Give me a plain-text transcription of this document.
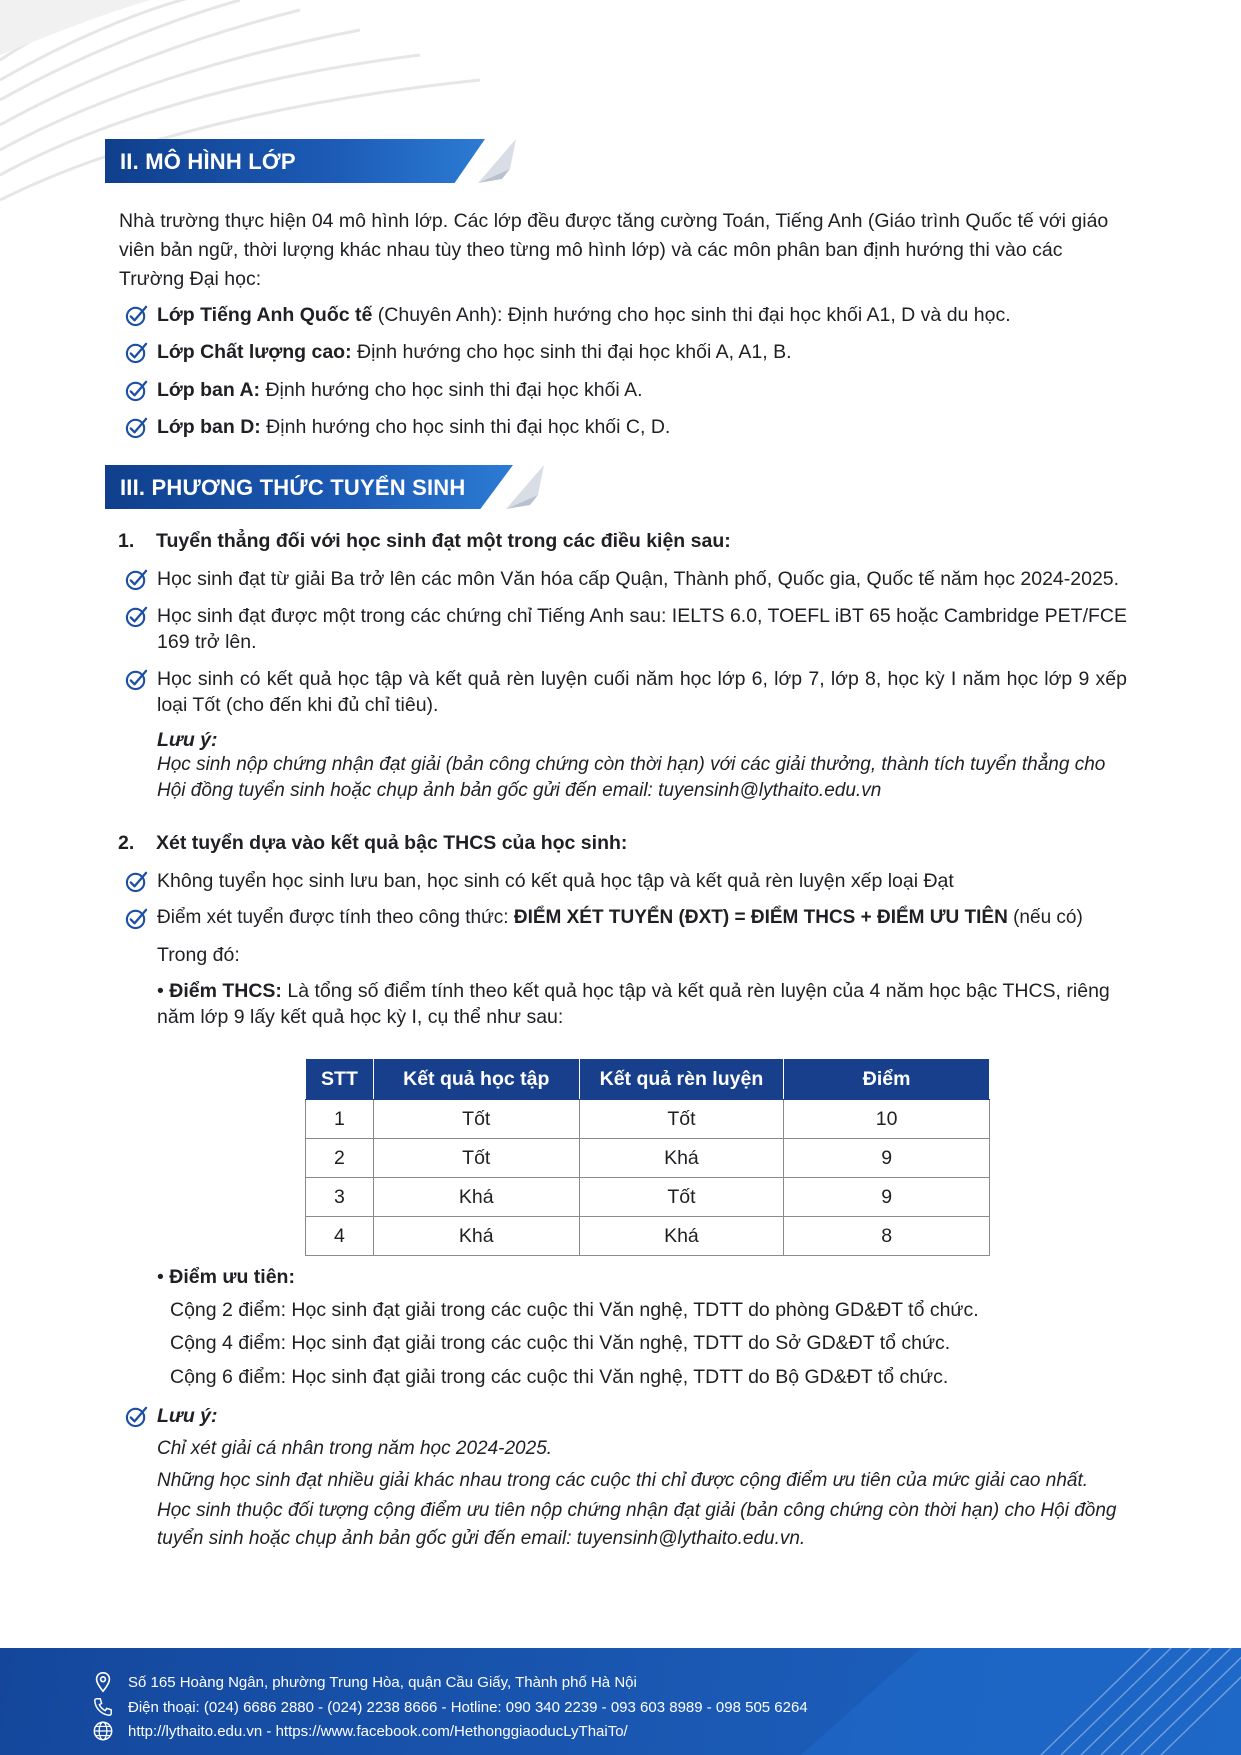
II. MÔ HÌNH LỚP
Nhà trường thực hiện 04 mô hình lớp. Các lớp đều được tăng cường Toán, Tiếng Anh (Giáo trình Quốc tế với giáo viên bản ngữ, thời lượng khác nhau tùy theo từng mô hình lớp) và các môn phân ban định hướng thi vào các Trường Đại học:
Lớp Tiếng Anh Quốc tế (Chuyên Anh): Định hướng cho học sinh thi đại học khối A1, D và du học.
Lớp Chất lượng cao: Định hướng cho học sinh thi đại học khối A, A1, B.
Lớp ban A: Định hướng cho học sinh thi đại học khối A.
Lớp ban D: Định hướng cho học sinh thi đại học khối C, D.
III. PHƯƠNG THỨC TUYỂN SINH
1. Tuyển thẳng đối với học sinh đạt một trong các điều kiện sau:
Học sinh đạt từ giải Ba trở lên các môn Văn hóa cấp Quận, Thành phố, Quốc gia, Quốc tế năm học 2024-2025.
Học sinh đạt được một trong các chứng chỉ Tiếng Anh sau: IELTS 6.0, TOEFL iBT 65 hoặc Cambridge PET/FCE 169 trở lên.
Học sinh có kết quả học tập và kết quả rèn luyện cuối năm học lớp 6, lớp 7, lớp 8, học kỳ I năm học lớp 9 xếp loại Tốt (cho đến khi đủ chỉ tiêu).
Lưu ý:
Học sinh nộp chứng nhận đạt giải (bản công chứng còn thời hạn) với các giải thưởng, thành tích tuyển thẳng cho Hội đồng tuyển sinh hoặc chụp ảnh bản gốc gửi đến email: tuyensinh@lythaito.edu.vn
2. Xét tuyển dựa vào kết quả bậc THCS của học sinh:
Không tuyển học sinh lưu ban, học sinh có kết quả học tập và kết quả rèn luyện xếp loại Đạt
Điểm xét tuyển được tính theo công thức: ĐIỂM XÉT TUYỂN (ĐXT) = ĐIỂM THCS + ĐIỂM ƯU TIÊN (nếu có)
Trong đó:
• Điểm THCS: Là tổng số điểm tính theo kết quả học tập và kết quả rèn luyện của 4 năm học bậc THCS, riêng năm lớp 9 lấy kết quả học kỳ I, cụ thể như sau:
STT	Kết quả học tập	Kết quả rèn luyện	Điểm
1	Tốt	Tốt	10
2	Tốt	Khá	9
3	Khá	Tốt	9
4	Khá	Khá	8
• Điểm ưu tiên:
Cộng 2 điểm: Học sinh đạt giải trong các cuộc thi Văn nghệ, TDTT do phòng GD&ĐT tổ chức.
Cộng 4 điểm: Học sinh đạt giải trong các cuộc thi Văn nghệ, TDTT do Sở GD&ĐT tổ chức.
Cộng 6 điểm: Học sinh đạt giải trong các cuộc thi Văn nghệ, TDTT do Bộ GD&ĐT tổ chức.
Lưu ý:
Chỉ xét giải cá nhân trong năm học 2024-2025.
Những học sinh đạt nhiều giải khác nhau trong các cuộc thi chỉ được cộng điểm ưu tiên của mức giải cao nhất.
Học sinh thuộc đối tượng cộng điểm ưu tiên nộp chứng nhận đạt giải (bản công chứng còn thời hạn) cho Hội đồng tuyển sinh hoặc chụp ảnh bản gốc gửi đến email: tuyensinh@lythaito.edu.vn.
Số 165 Hoàng Ngân, phường Trung Hòa, quận Cầu Giấy, Thành phố Hà Nội
Điện thoại: (024) 6686 2880 - (024) 2238 8666 - Hotline: 090 340 2239 - 093 603 8989 - 098 505 6264
http://lythaito.edu.vn - https://www.facebook.com/HethonggiaoducLyThaiTo/
